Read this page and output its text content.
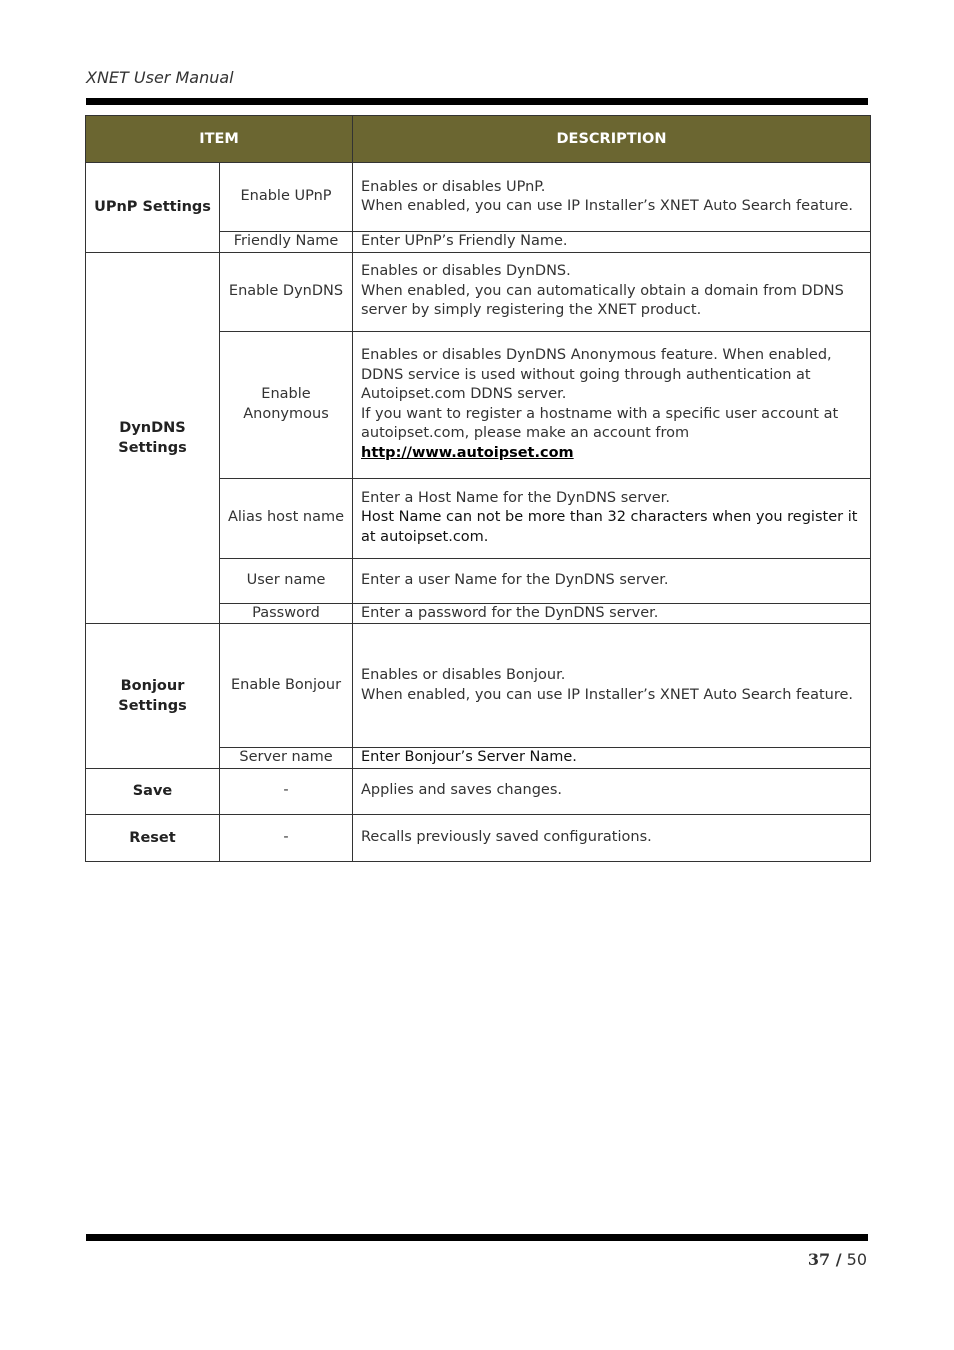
XNET User Manual
ITEM		DESCRIPTION
UPnP Settings	Enable UPnP	Enables or disables UPnP.
When enabled, you can use IP Installer’s XNET Auto Search feature.
	Friendly Name	Enter UPnP’s Friendly Name.
DynDNS Settings	Enable DynDNS	Enables or disables DynDNS.
When enabled, you can automatically obtain a domain from DDNS server by simply registering the XNET product.
	Enable Anonymous	Enables or disables DynDNS Anonymous feature. When enabled, DDNS service is used without going through authentication at Autoipset.com DDNS server.
If you want to register a hostname with a specific user account at autoipset.com, please make an account from
http://www.autoipset.com
	Alias host name	Enter a Host Name for the DynDNS server.
Host Name can not be more than 32 characters when you register it at autoipset.com.
	User name	Enter a user Name for the DynDNS server.
	Password	Enter a password for the DynDNS server.
Bonjour Settings	Enable Bonjour	Enables or disables Bonjour.
When enabled, you can use IP Installer’s XNET Auto Search feature.
	Server name	Enter Bonjour’s Server Name.
Save	-	Applies and saves changes.
Reset	-	Recalls previously saved configurations.
37 / 50
